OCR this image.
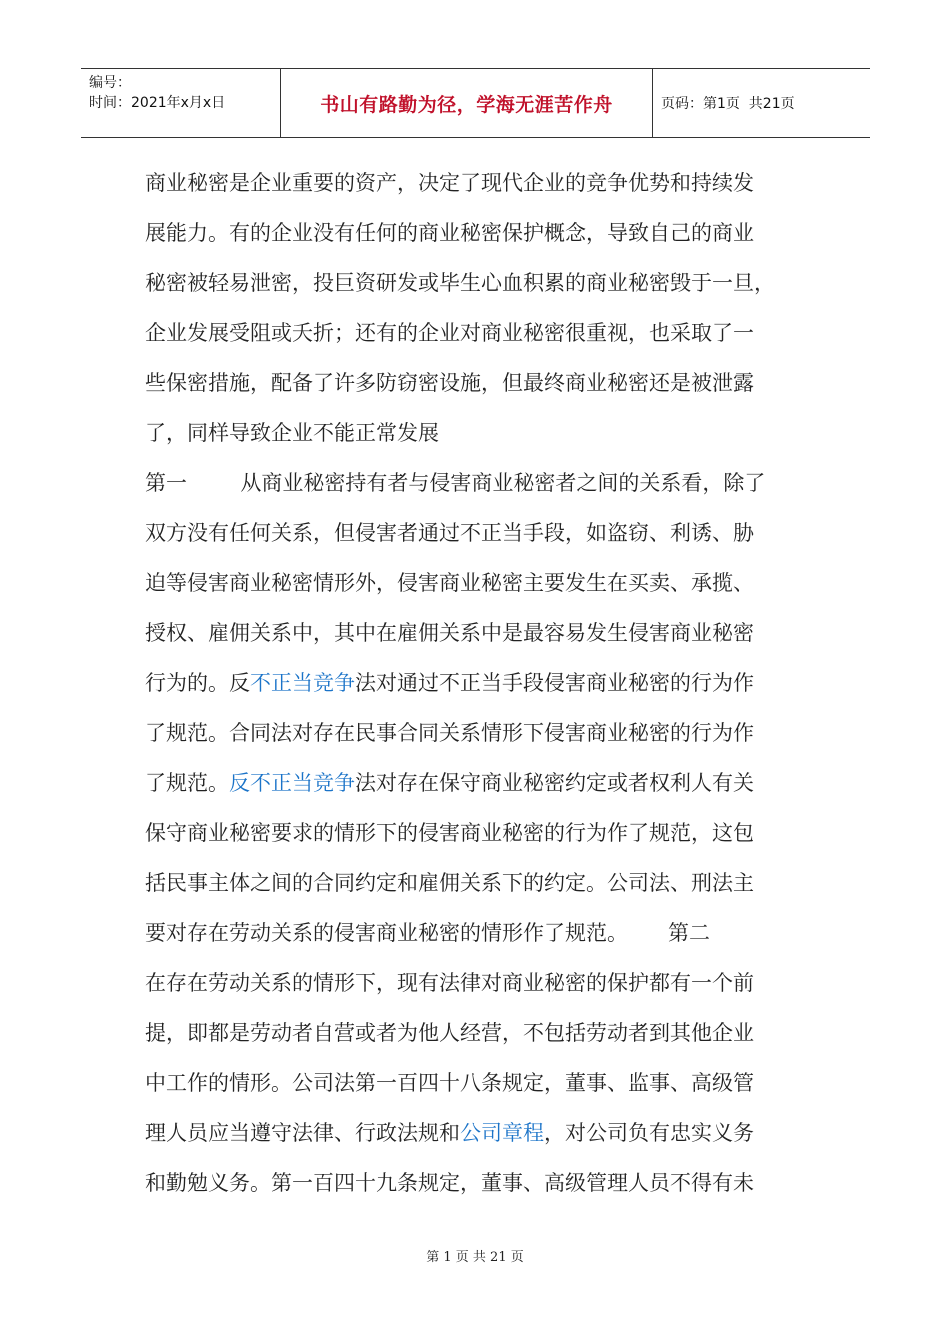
编号：
时间：2021年x月x日	书山有路勤为径，学海无涯苦作舟	页码：第1页  共21页
商业秘密是企业重要的资产，决定了现代企业的竞争优势和持续发
展能力。有的企业没有任何的商业秘密保护概念，导致自己的商业
秘密被轻易泄密，投巨资研发或毕生心血积累的商业秘密毁于一旦，
企业发展受阻或夭折；还有的企业对商业秘密很重视，也采取了一
些保密措施，配备了许多防窃密设施，但最终商业秘密还是被泄露
了，同样导致企业不能正常发展
第一        从商业秘密持有者与侵害商业秘密者之间的关系看，除了
双方没有任何关系，但侵害者通过不正当手段，如盗窃、利诱、胁
迫等侵害商业秘密情形外，侵害商业秘密主要发生在买卖、承揽、
授权、雇佣关系中，其中在雇佣关系中是最容易发生侵害商业秘密
行为的。反不正当竞争法对通过不正当手段侵害商业秘密的行为作
了规范。合同法对存在民事合同关系情形下侵害商业秘密的行为作
了规范。反不正当竞争法对存在保守商业秘密约定或者权利人有关
保守商业秘密要求的情形下的侵害商业秘密的行为作了规范，这包
括民事主体之间的合同约定和雇佣关系下的约定。公司法、刑法主
要对存在劳动关系的侵害商业秘密的情形作了规范。      第二
在存在劳动关系的情形下，现有法律对商业秘密的保护都有一个前
提，即都是劳动者自营或者为他人经营，不包括劳动者到其他企业
中工作的情形。公司法第一百四十八条规定，董事、监事、高级管
理人员应当遵守法律、行政法规和公司章程，对公司负有忠实义务
和勤勉义务。第一百四十九条规定，董事、高级管理人员不得有未
第 1 页 共 21 页
